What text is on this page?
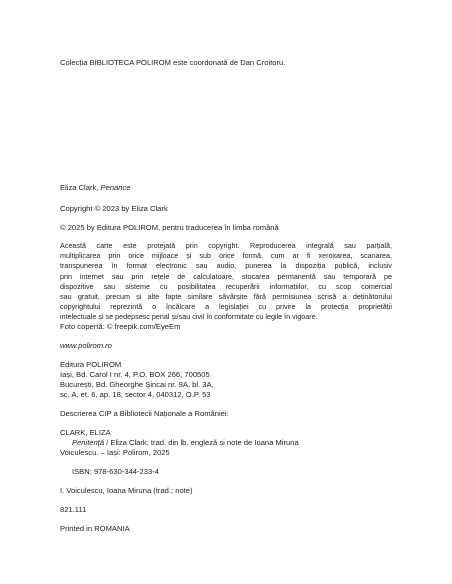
Colecția BIBLIOTECA POLIROM este coordonată de Dan Croitoru.
Eliza Clark, Penance
Copyright © 2023 by Eliza Clark
© 2025 by Editura POLIROM, pentru traducerea în limba română
Această carte este protejată prin copyright. Reproducerea integrală sau parțială,
multiplicarea prin orice mijloace și sub orice formă, cum ar fi xeroxarea, scanarea,
transpunerea în format electronic sau audio, punerea la dispoziția publică, inclusiv
prin internet sau prin rețele de calculatoare, stocarea permanentă sau temporară pe
dispozitive sau sisteme cu posibilitatea recuperării informațiilor, cu scop comercial
sau gratuit, precum și alte fapte similare săvârșite fără permisiunea scrisă a deținătorului
copyrightului reprezintă o încălcare a legislației cu privire la protecția proprietății
intelectuale și se pedepsesc penal și/sau civil în conformitate cu legile în vigoare.
Foto copertă: © freepik.com/EyeEm
www.polirom.ro
Editura POLIROM
Iași, Bd. Carol I nr. 4, P.O. BOX 266, 700505
București, Bd. Gheorghe Șincai nr. 9A, bl. 3A,
sc. A, et. 6, ap. 18, sector 4, 040312, O.P. 53
Descrierea CIP a Bibliotecii Naționale a României:
CLARK, ELIZA
Penitență / Eliza Clark; trad. din lb. engleză și note de Ioana Miruna
Voiculescu. – Iași: Polirom, 2025
ISBN: 978-630-344-233-4
I. Voiculescu, Ioana Miruna (trad.; note)
821.111
Printed in ROMANIA
